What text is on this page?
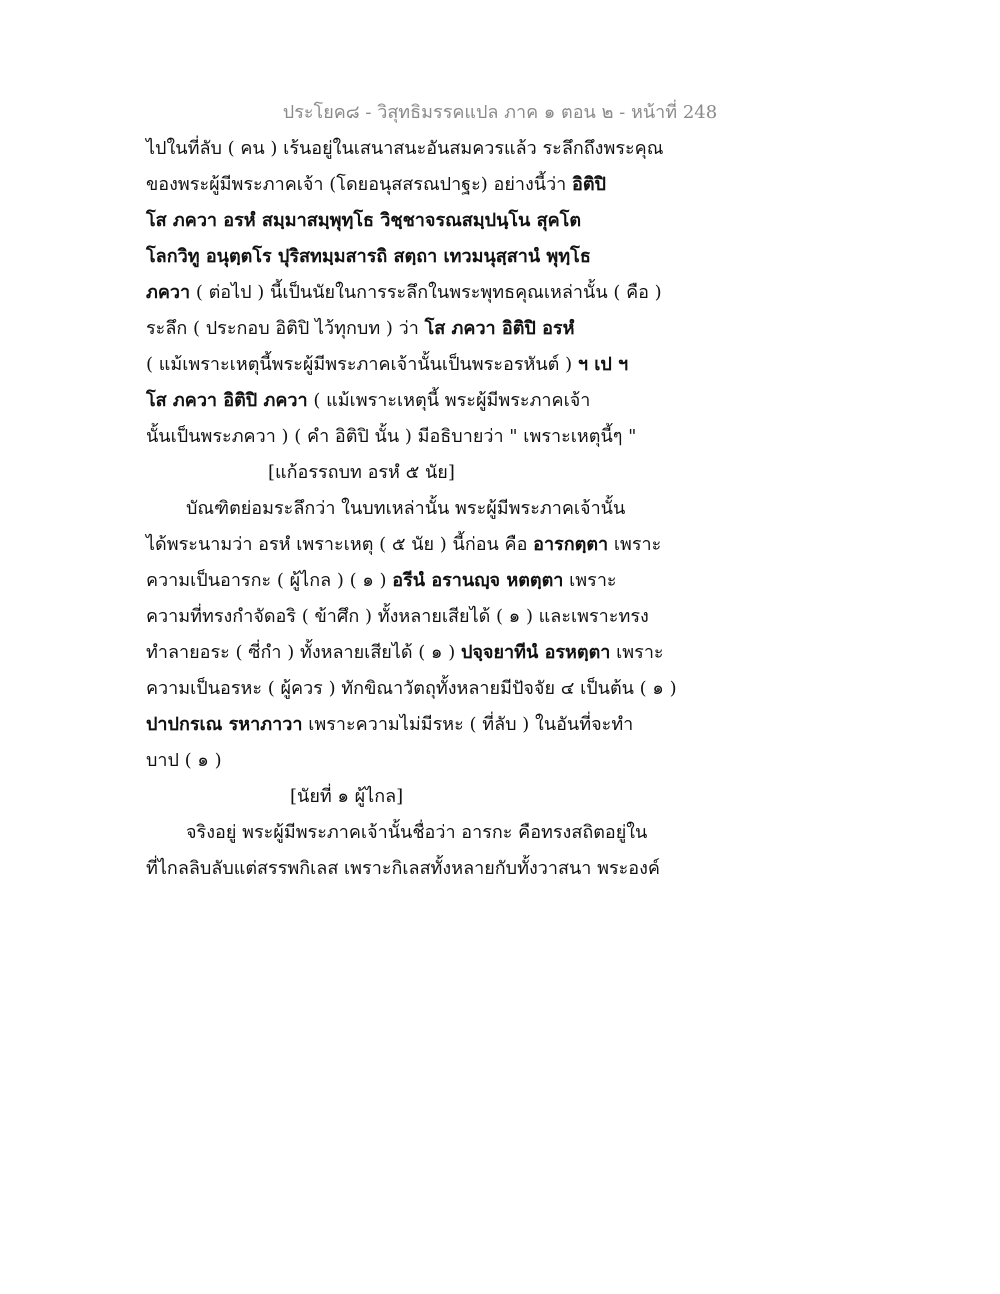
ประโยค๘ - วิสุทธิมรรคแปล ภาค ๑ ตอน ๒ - หน้าที่ 248
ไปในที่ลับ ( คน ) เร้นอยู่ในเสนาสนะอันสมควรแล้ว ระลึกถึงพระคุณ
ของพระผู้มีพระภาคเจ้า (โดยอนุสสรณปาฐะ) อย่างนี้ว่า อิติปิ
โส ภควา อรหํ สมฺมาสมฺพุทฺโธ วิชฺชาจรณสมฺปนฺโน สุคโต
โลกวิทู อนุตฺตโร ปุริสทมฺมสารถิ สตฺถา เทวมนุสฺสานํ พุทฺโธ
ภควา ( ต่อไป ) นี้เป็นนัยในการระลึกในพระพุทธคุณเหล่านั้น ( คือ )
ระลึก ( ประกอบ อิติปิ ไว้ทุกบท ) ว่า โส ภควา อิติปิ อรหํ
( แม้เพราะเหตุนี้พระผู้มีพระภาคเจ้านั้นเป็นพระอรหันต์ ) ฯ เป ฯ
โส ภควา อิติปิ ภควา ( แม้เพราะเหตุนี้ พระผู้มีพระภาคเจ้า
นั้นเป็นพระภควา ) ( คำ อิติปิ นั้น ) มีอธิบายว่า " เพราะเหตุนี้ๆ "
[แก้อรรถบท อรหํ ๕ นัย]
บัณฑิตย่อมระลึกว่า ในบทเหล่านั้น พระผู้มีพระภาคเจ้านั้น
ได้พระนามว่า อรหํ เพราะเหตุ ( ๕ นัย ) นี้ก่อน คือ อารกตฺตา เพราะ
ความเป็นอารกะ ( ผู้ไกล ) ( ๑ ) อรีนํ อรานญฺจ หตตฺตา เพราะ
ความที่ทรงกำจัดอริ ( ข้าศึก ) ทั้งหลายเสียได้ ( ๑ ) และเพราะทรง
ทำลายอระ ( ซี่กำ ) ทั้งหลายเสียได้ ( ๑ ) ปจฺจยาทีนํ อรหตฺตา เพราะ
ความเป็นอรหะ ( ผู้ควร ) ทักขิณาวัตถุทั้งหลายมีปัจจัย ๔ เป็นต้น ( ๑ )
ปาปกรเณ รหาภาวา เพราะความไม่มีรหะ ( ที่ลับ ) ในอันที่จะทำ
บาป ( ๑ )
[นัยที่ ๑ ผู้ไกล]
จริงอยู่ พระผู้มีพระภาคเจ้านั้นชื่อว่า อารกะ คือทรงสถิตอยู่ใน
ที่ไกลลิบลับแต่สรรพกิเลส เพราะกิเลสทั้งหลายกับทั้งวาสนา พระองค์
